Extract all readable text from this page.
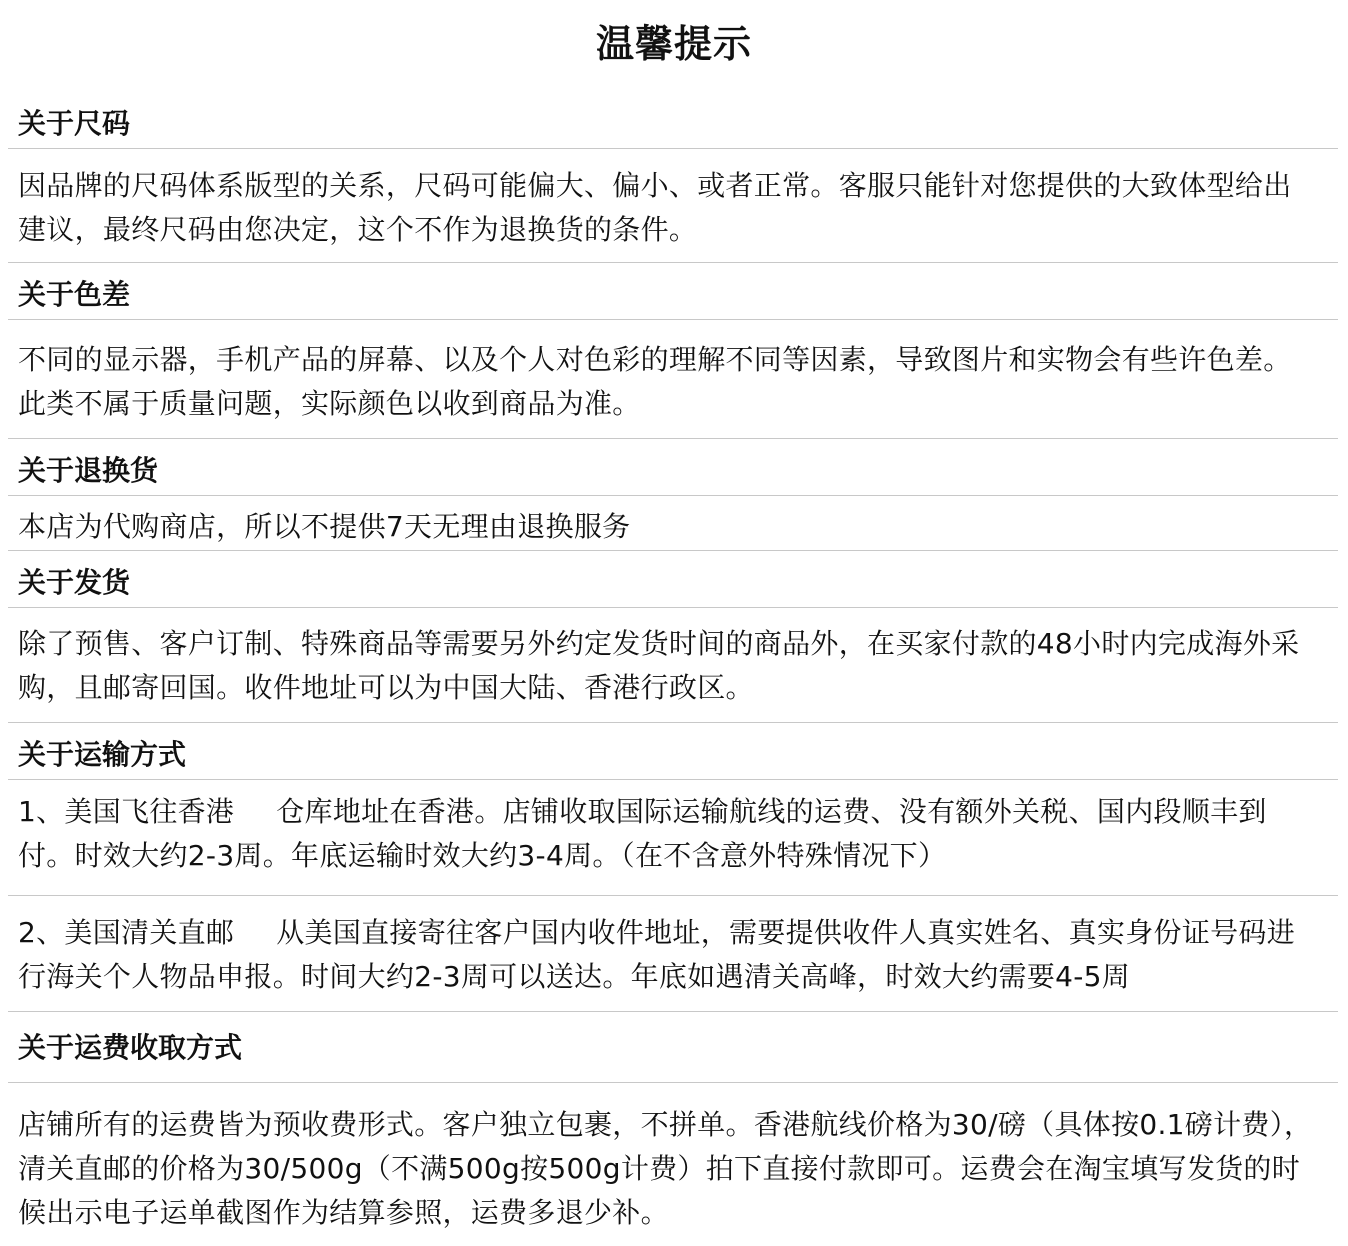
温馨提示
关于尺码
因品牌的尺码体系版型的关系，尺码可能偏大、偏小、或者正常。客服只能针对您提供的大致体型给出建议，最终尺码由您决定，这个不作为退换货的条件。
关于色差
不同的显示器，手机产品的屏幕、以及个人对色彩的理解不同等因素，导致图片和实物会有些许色差。此类不属于质量问题，实际颜色以收到商品为准。
关于退换货
本店为代购商店，所以不提供7天无理由退换服务
关于发货
除了预售、客户订制、特殊商品等需要另外约定发货时间的商品外，在买家付款的48小时内完成海外采购，且邮寄回国。收件地址可以为中国大陆、香港行政区。
关于运输方式
1、美国飞往香港 仓库地址在香港。店铺收取国际运输航线的运费、没有额外关税、国内段顺丰到付。时效大约2-3周。年底运输时效大约3-4周。（在不含意外特殊情况下）
2、美国清关直邮 从美国直接寄往客户国内收件地址，需要提供收件人真实姓名、真实身份证号码进行海关个人物品申报。时间大约2-3周可以送达。年底如遇清关高峰，时效大约需要4-5周
关于运费收取方式
店铺所有的运费皆为预收费形式。客户独立包裹，不拼单。香港航线价格为30/磅（具体按0.1磅计费），清关直邮的价格为30/500g（不满500g按500g计费）拍下直接付款即可。运费会在淘宝填写发货的时候出示电子运单截图作为结算参照，运费多退少补。
